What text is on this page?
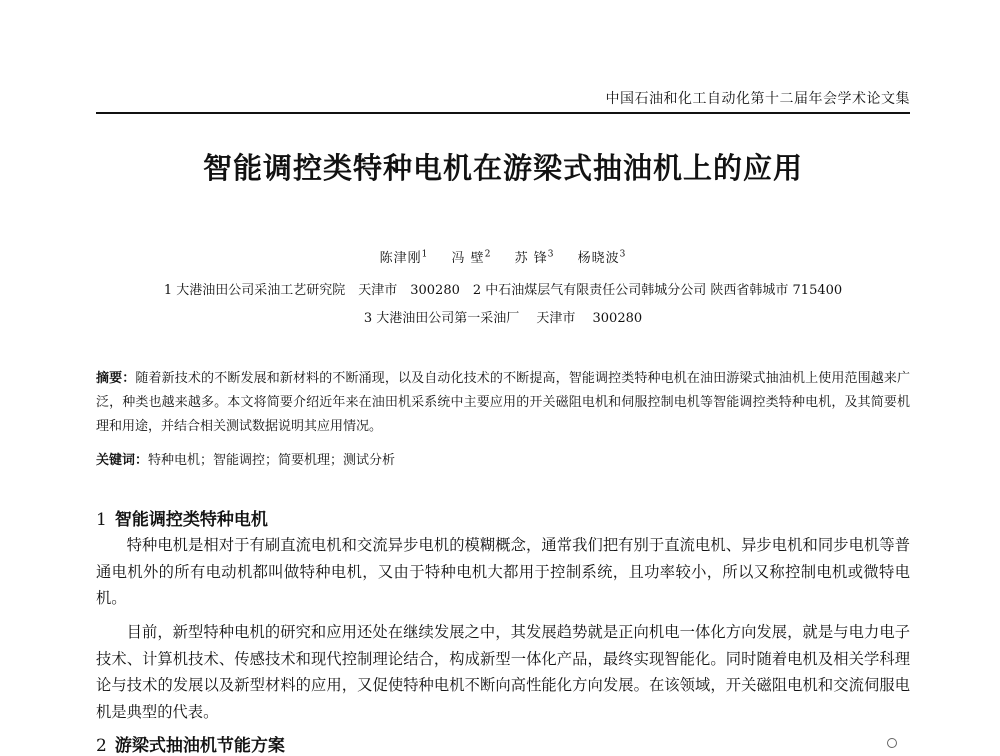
中国石油和化工自动化第十二届年会学术论文集
智能调控类特种电机在游梁式抽油机上的应用
陈津刚$^1$ 冯 壁$^2$ 苏 锋$^3$ 杨晓波$^3$
1 大港油田公司采油工艺研究院　天津市　300280　2 中石油煤层气有限责任公司韩城分公司 陕西省韩城市 715400
3 大港油田公司第一采油厂　 天津市　 300280
摘要：随着新技术的不断发展和新材料的不断涌现，以及自动化技术的不断提高，智能调控类特种电机在油田游梁式抽油机上使用范围越来广泛，种类也越来越多。本文将简要介绍近年来在油田机采系统中主要应用的开关磁阻电机和伺服控制电机等智能调控类特种电机，及其简要机理和用途，并结合相关测试数据说明其应用情况。
关键词：特种电机；智能调控；简要机理；测试分析
1 智能调控类特种电机

特种电机是相对于有刷直流电机和交流异步电机的模糊概念，通常我们把有别于直流电机、异步电机和同步电机等普通电机外的所有电动机都叫做特种电机，又由于特种电机大都用于控制系统，且功率较小，所以又称控制电机或微特电机。

目前，新型特种电机的研究和应用还处在继续发展之中，其发展趋势就是正向机电一体化方向发展，就是与电力电子技术、计算机技术、传感技术和现代控制理论结合，构成新型一体化产品，最终实现智能化。同时随着电机及相关学科理论与技术的发展以及新型材料的应用，又促使特种电机不断向高性能化方向发展。在该领域，开关磁阻电机和交流伺服电机是典型的代表。

2 游梁式抽油机节能方案
